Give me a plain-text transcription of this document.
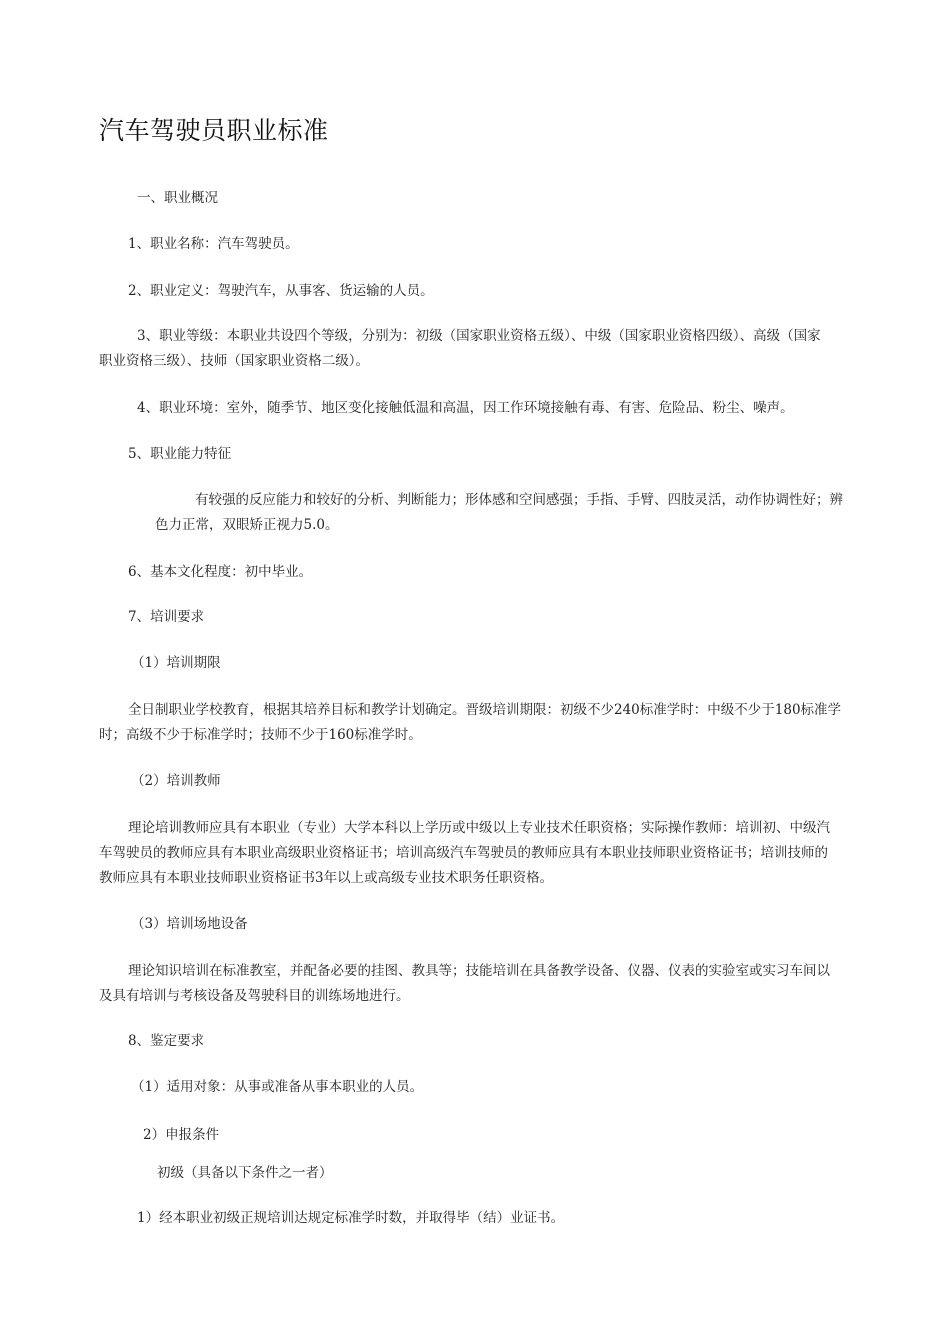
汽车驾驶员职业标准
一、职业概况
1、职业名称：汽车驾驶员。
2、职业定义：驾驶汽车，从事客、货运输的人员。
3、职业等级：本职业共设四个等级，分别为：初级（国家职业资格五级）、中级（国家职业资格四级）、高级（国家
职业资格三级）、技师（国家职业资格二级）。
4、职业环境：室外，随季节、地区变化接触低温和高温，因工作环境接触有毒、有害、危险品、粉尘、噪声。
5、职业能力特征
有较强的反应能力和较好的分析、判断能力；形体感和空间感强；手指、手臂、四肢灵活，动作协调性好；辨
色力正常，双眼矫正视力5.0。
6、基本文化程度：初中毕业。
7、培训要求
（1）培训期限
全日制职业学校教育，根据其培养目标和教学计划确定。晋级培训期限：初级不少240标准学时：中级不少于180标准学
时；高级不少于标准学时；技师不少于160标准学时。
（2）培训教师
理论培训教师应具有本职业（专业）大学本科以上学历或中级以上专业技术任职资格；实际操作教师：培训初、中级汽
车驾驶员的教师应具有本职业高级职业资格证书；培训高级汽车驾驶员的教师应具有本职业技师职业资格证书；培训技师的
教师应具有本职业技师职业资格证书3年以上或高级专业技术职务任职资格。
（3）培训场地设备
理论知识培训在标准教室，并配备必要的挂图、教具等；技能培训在具备教学设备、仪器、仪表的实验室或实习车间以
及具有培训与考核设备及驾驶科目的训练场地进行。
8、鉴定要求
（1）适用对象：从事或准备从事本职业的人员。
2）申报条件
初级（具备以下条件之一者）
1）经本职业初级正规培训达规定标准学时数，并取得毕（结）业证书。
